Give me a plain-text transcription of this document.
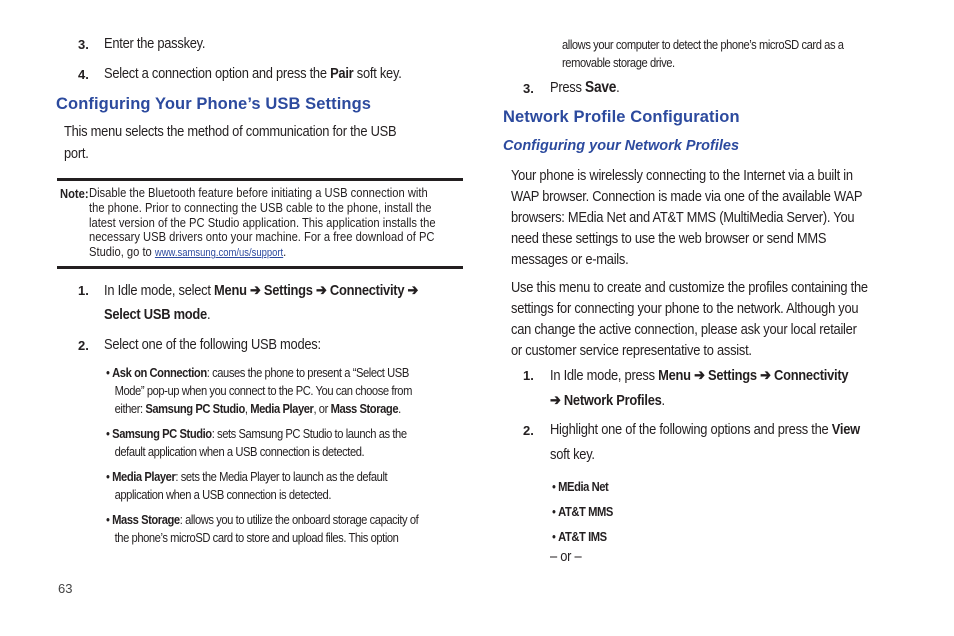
3. Enter the passkey.
4. Select a connection option and press the Pair soft key.
Configuring Your Phone’s USB Settings
This menu selects the method of communication for the USB
port.
Note: Disable the Bluetooth feature before initiating a USB connection with
the phone. Prior to connecting the USB cable to the phone, install the
latest version of the PC Studio application. This application installs the
necessary USB drivers onto your machine. For a free download of PC
Studio, go to www.samsung.com/us/support.
1. In Idle mode, select Menu ➔ Settings ➔ Connectivity ➔
Select USB mode.
2. Select one of the following USB modes:
• Ask on Connection: causes the phone to present a “Select USB
Mode” pop-up when you connect to the PC. You can choose from
either: Samsung PC Studio, Media Player, or Mass Storage.
• Samsung PC Studio: sets Samsung PC Studio to launch as the
default application when a USB connection is detected.
• Media Player: sets the Media Player to launch as the default
application when a USB connection is detected.
• Mass Storage: allows you to utilize the onboard storage capacity of
the phone’s microSD card to store and upload files. This option
63
allows your computer to detect the phone’s microSD card as a
removable storage drive.
3. Press Save.
Network Profile Configuration
Configuring your Network Profiles
Your phone is wirelessly connecting to the Internet via a built in
WAP browser. Connection is made via one of the available WAP
browsers: MEdia Net and AT&T MMS (MultiMedia Server). You
need these settings to use the web browser or send MMS
messages or e-mails.
Use this menu to create and customize the profiles containing the
settings for connecting your phone to the network. Although you
can change the active connection, please ask your local retailer
or customer service representative to assist.
1. In Idle mode, press Menu ➔ Settings ➔ Connectivity
➔ Network Profiles.
2. Highlight one of the following options and press the View
soft key.
• MEdia Net
• AT&T MMS
• AT&T IMS
– or –
